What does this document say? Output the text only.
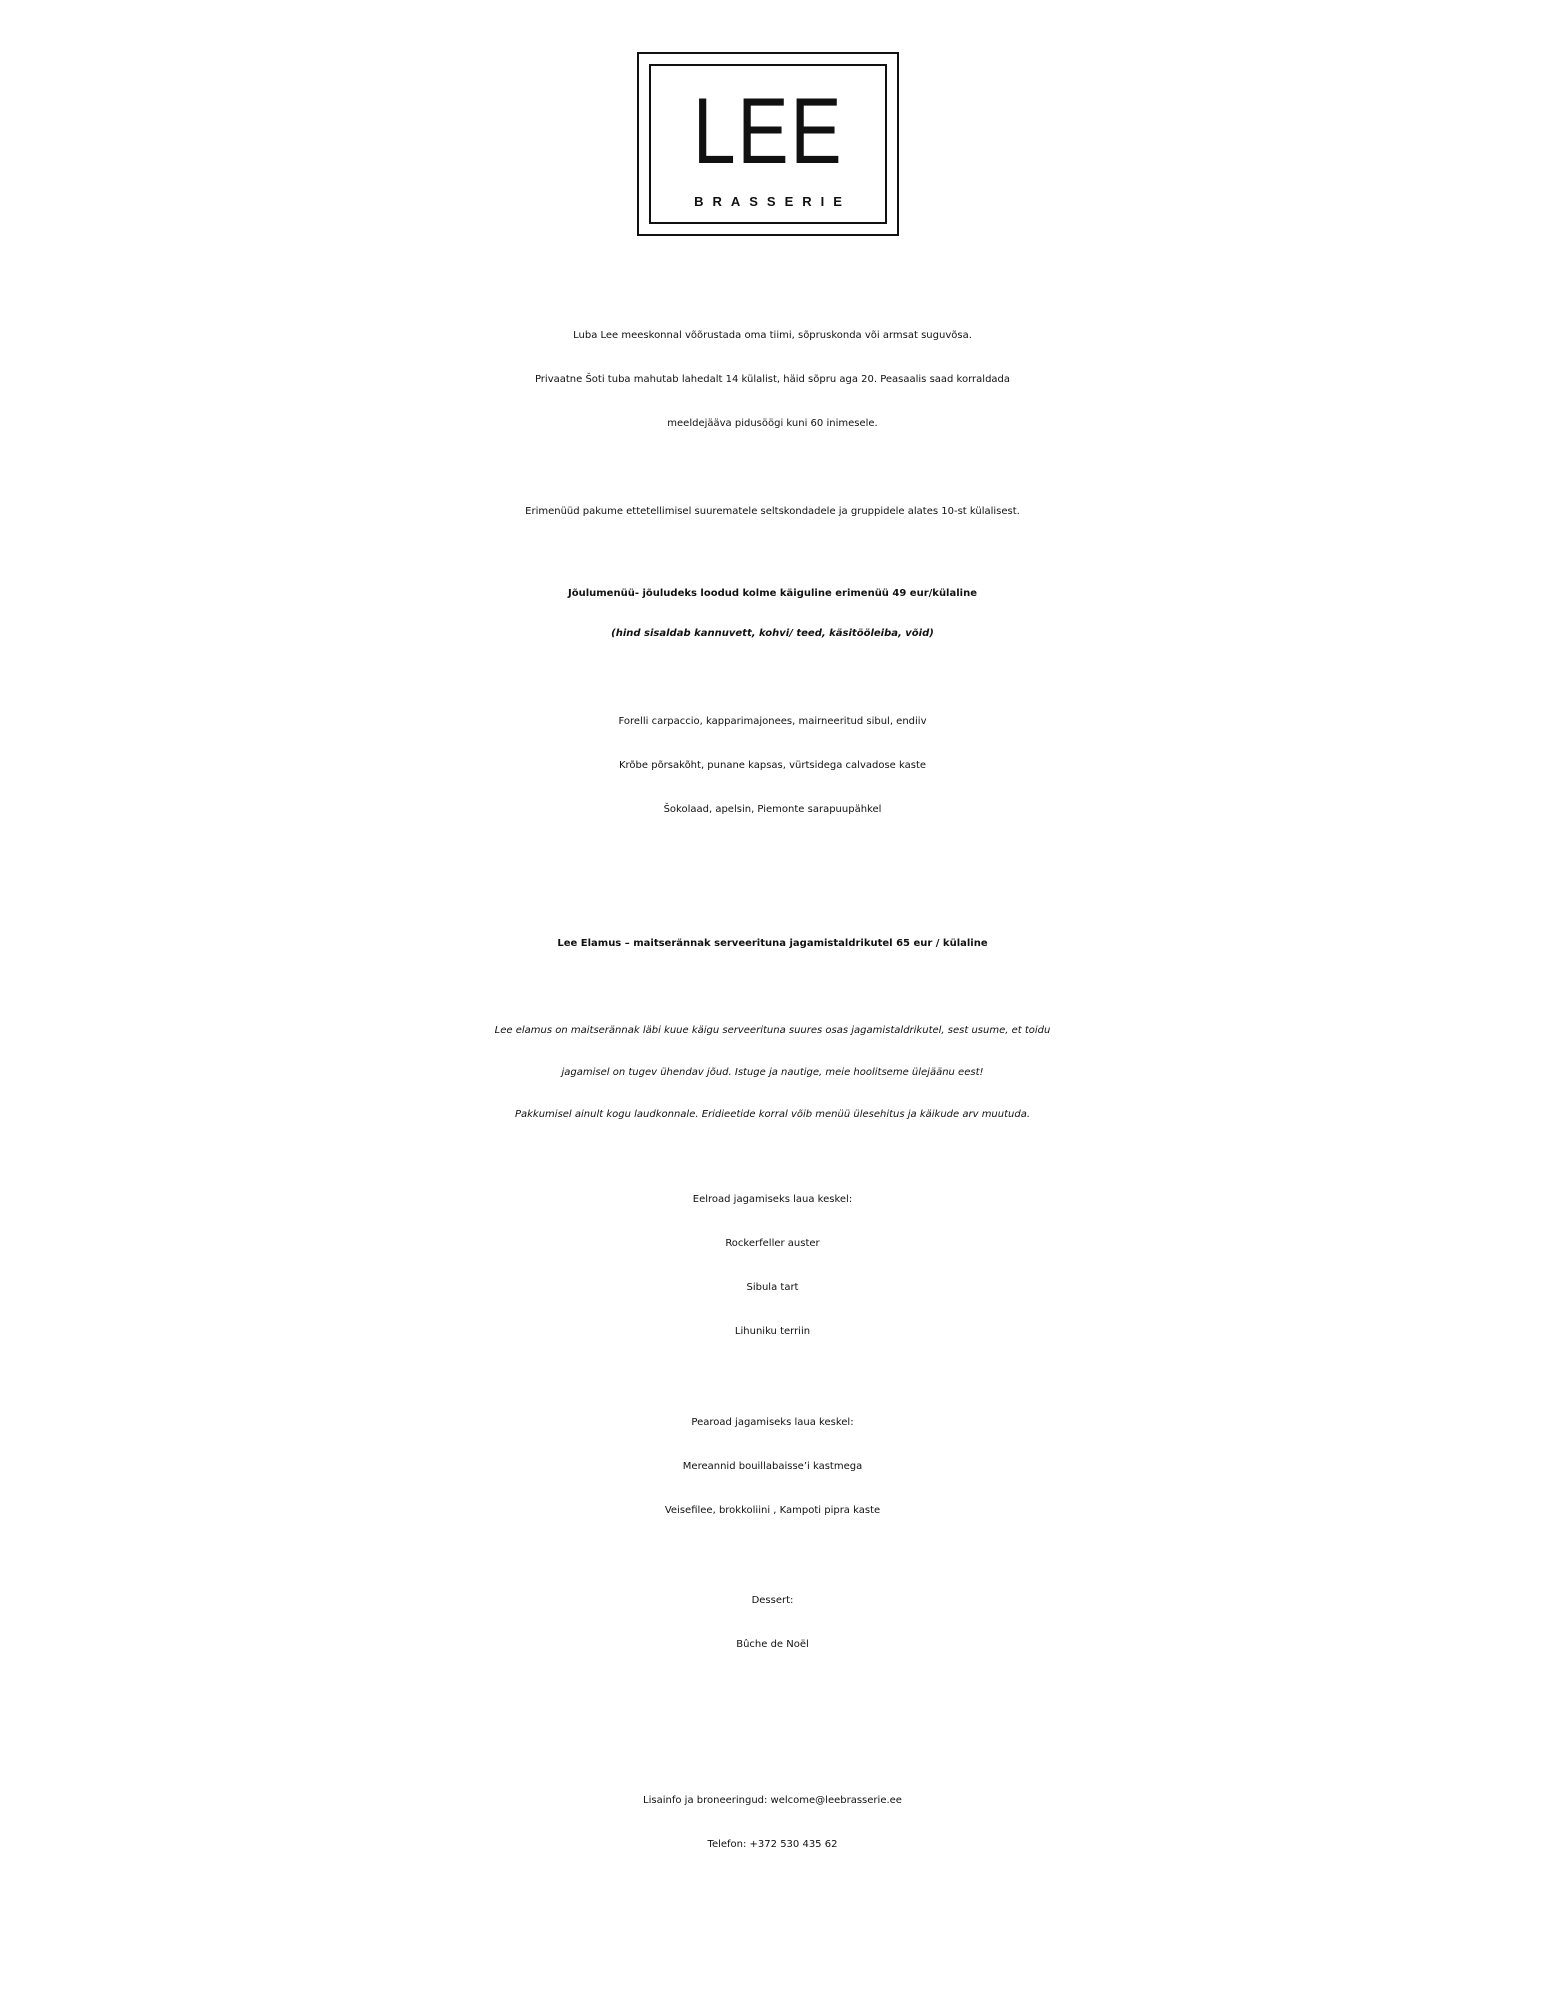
LEE
BRASSERIE
Luba Lee meeskonnal võõrustada oma tiimi, sõpruskonda või armsat suguvõsa.
Privaatne Šoti tuba mahutab lahedalt 14 külalist, häid sõpru aga 20. Peasaalis saad korraldada
meeldejääva pidusöögi kuni 60 inimesele.
Erimenüüd pakume ettetellimisel suurematele seltskondadele ja gruppidele alates 10-st külalisest.
Jõulumenüü- jõuludeks loodud kolme käiguline erimenüü 49 eur/külaline
(hind sisaldab kannuvett, kohvi/ teed, käsitööleiba, võid)
Forelli carpaccio, kapparimajonees, mairneeritud sibul, endiiv
Krõbe põrsakõht, punane kapsas, vürtsidega calvadose kaste
Šokolaad, apelsin, Piemonte sarapuupähkel
Lee Elamus – maitserännak serveerituna jagamistaldrikutel 65 eur / külaline
Lee elamus on maitserännak läbi kuue käigu serveerituna suures osas jagamistaldrikutel, sest usume, et toidu
jagamisel on tugev ühendav jõud. Istuge ja nautige, meie hoolitseme ülejäänu eest!
Pakkumisel ainult kogu laudkonnale. Eridieetide korral võib menüü ülesehitus ja käikude arv muutuda.
Eelroad jagamiseks laua keskel:
Rockerfeller auster
Sibula tart
Lihuniku terriin
Pearoad jagamiseks laua keskel:
Mereannid bouillabaisse’i kastmega
Veisefilee, brokkoliini , Kampoti pipra kaste
Dessert:
Bûche de Noël
Lisainfo ja broneeringud: welcome@leebrasserie.ee
Telefon: +372 530 435 62
